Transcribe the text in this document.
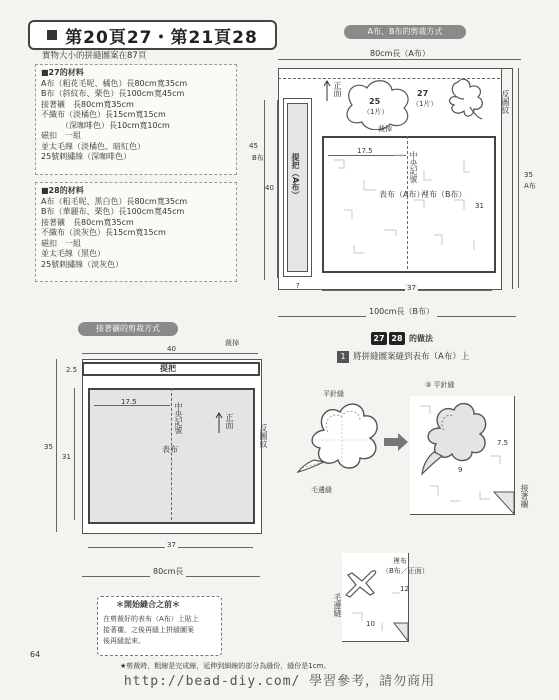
第20頁27・第21頁28
實物大小的拼縫圖案在87頁
■27的材料
A布（粗花毛呢、橘色）長80cm寬35cm
B布（斜紋布、栗色）長100cm寬45cm
接著襯　長80cm寬35cm
不織布（淡橘色）長15cm寬15cm
　　　（深咖啡色）長10cm寬10cm
磁扣　一組
並太毛線（淡橘色、暗紅色）
25號刺繡線（深咖啡色）
■28的材料
A布（粗毛呢、黑白色）長80cm寬35cm
B布（華麗布、栗色）長100cm寬45cm
接著襯　長80cm寬35cm
不織布（淡灰色）長15cm寬15cm
磁扣　一組
並太毛線（黑色）
25號刺繡線（淡灰色）
A布、B布的剪裁方式
80cm長（A布）
提把（A布）
25
（1片）
27
（1片）
正面
反圖紋
裁掉
中央記號
17.5
表布（A布）
裡布（B布）
31
45
B布
40
35
A布
?	37
100cm長（B布）
接著襯的剪裁方式
40
裁掉
2.5	提把
17.5	中央記號	正面
反圖紋
表布
35
31
37
80cm長
＊開始縫合之前＊
在剪裁好的表布（A布）上貼上
接著襯，之後再縫上拼縫圖案
後再縫起來。
27 28 的做法
1 將拼縫圖案縫到表布（A布）上
平針縫
毛邊縫
③ 平針縫
7.5
9
接著襯
裡布
（B布／正面）
12
10
毛邊縫
64
★剪裁時，粗線是完成線，延伸到細線的部分為縫份，縫份是1cm。
http://bead-diy.com/ 學習參考，請勿商用
